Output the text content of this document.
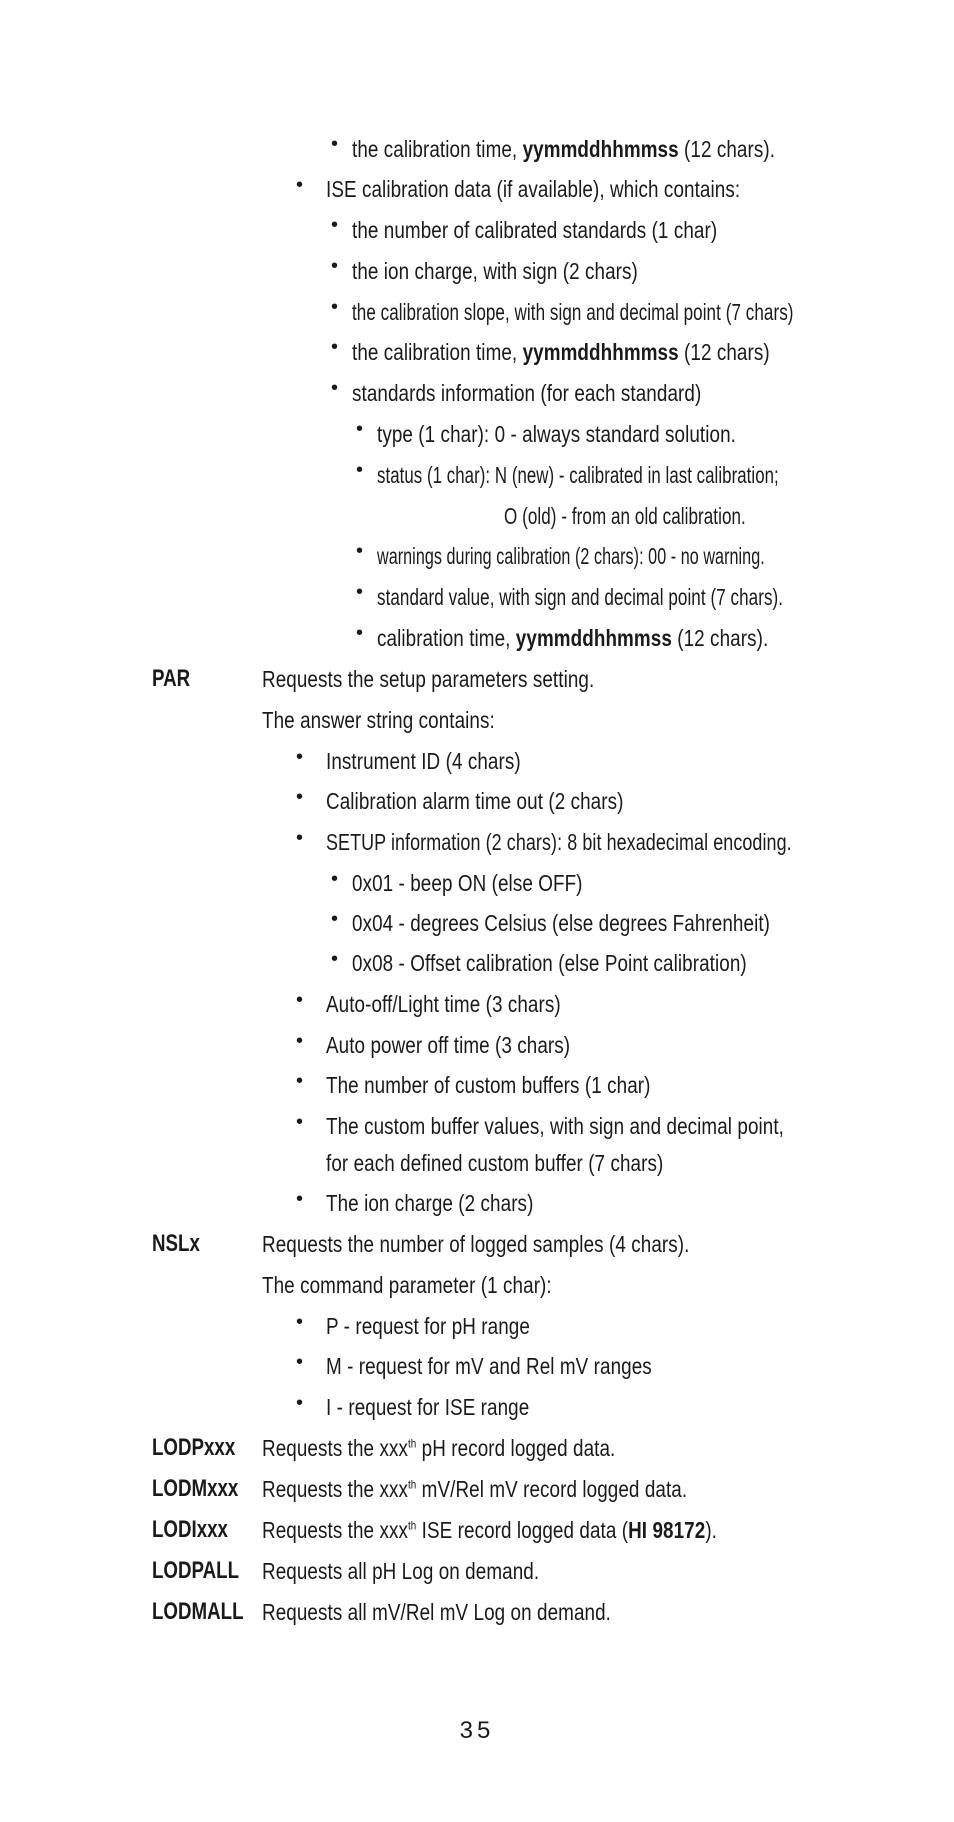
• the calibration time, yymmddhhmmss (12 chars).
• ISE calibration data (if available), which contains:
• the number of calibrated standards (1 char)
• the ion charge, with sign (2 chars)
• the calibration slope, with sign and decimal point (7 chars)
• the calibration time, yymmddhhmmss (12 chars)
• standards information (for each standard)
• type (1 char): 0 - always standard solution.
• status (1 char): N (new) - calibrated in last calibration;
O (old) - from an old calibration.
• warnings during calibration (2 chars): 00 - no warning.
• standard value, with sign and decimal point (7 chars).
• calibration time, yymmddhhmmss (12 chars).
PAR	Requests the setup parameters setting.
The answer string contains:
• Instrument ID (4 chars)
• Calibration alarm time out (2 chars)
• SETUP information (2 chars): 8 bit hexadecimal encoding.
• 0x01 - beep ON (else OFF)
• 0x04 - degrees Celsius (else degrees Fahrenheit)
• 0x08 - Offset calibration (else Point calibration)
• Auto-off/Light time (3 chars)
• Auto power off time (3 chars)
• The number of custom buffers (1 char)
• The custom buffer values, with sign and decimal point,
for each defined custom buffer (7 chars)
• The ion charge (2 chars)
NSLx	Requests the number of logged samples (4 chars).
The command parameter (1 char):
• P - request for pH range
• M - request for mV and Rel mV ranges
• I - request for ISE range
LODPxxx Requests the xxx$^{th}$ pH record logged data.
LODMxxx Requests the xxx$^{th}$ mV/Rel mV record logged data.
LODIxxx Requests the xxx$^{th}$ ISE record logged data (HI 98172).
LODPALL Requests all pH Log on demand.
LODMALL Requests all mV/Rel mV Log on demand.
35
